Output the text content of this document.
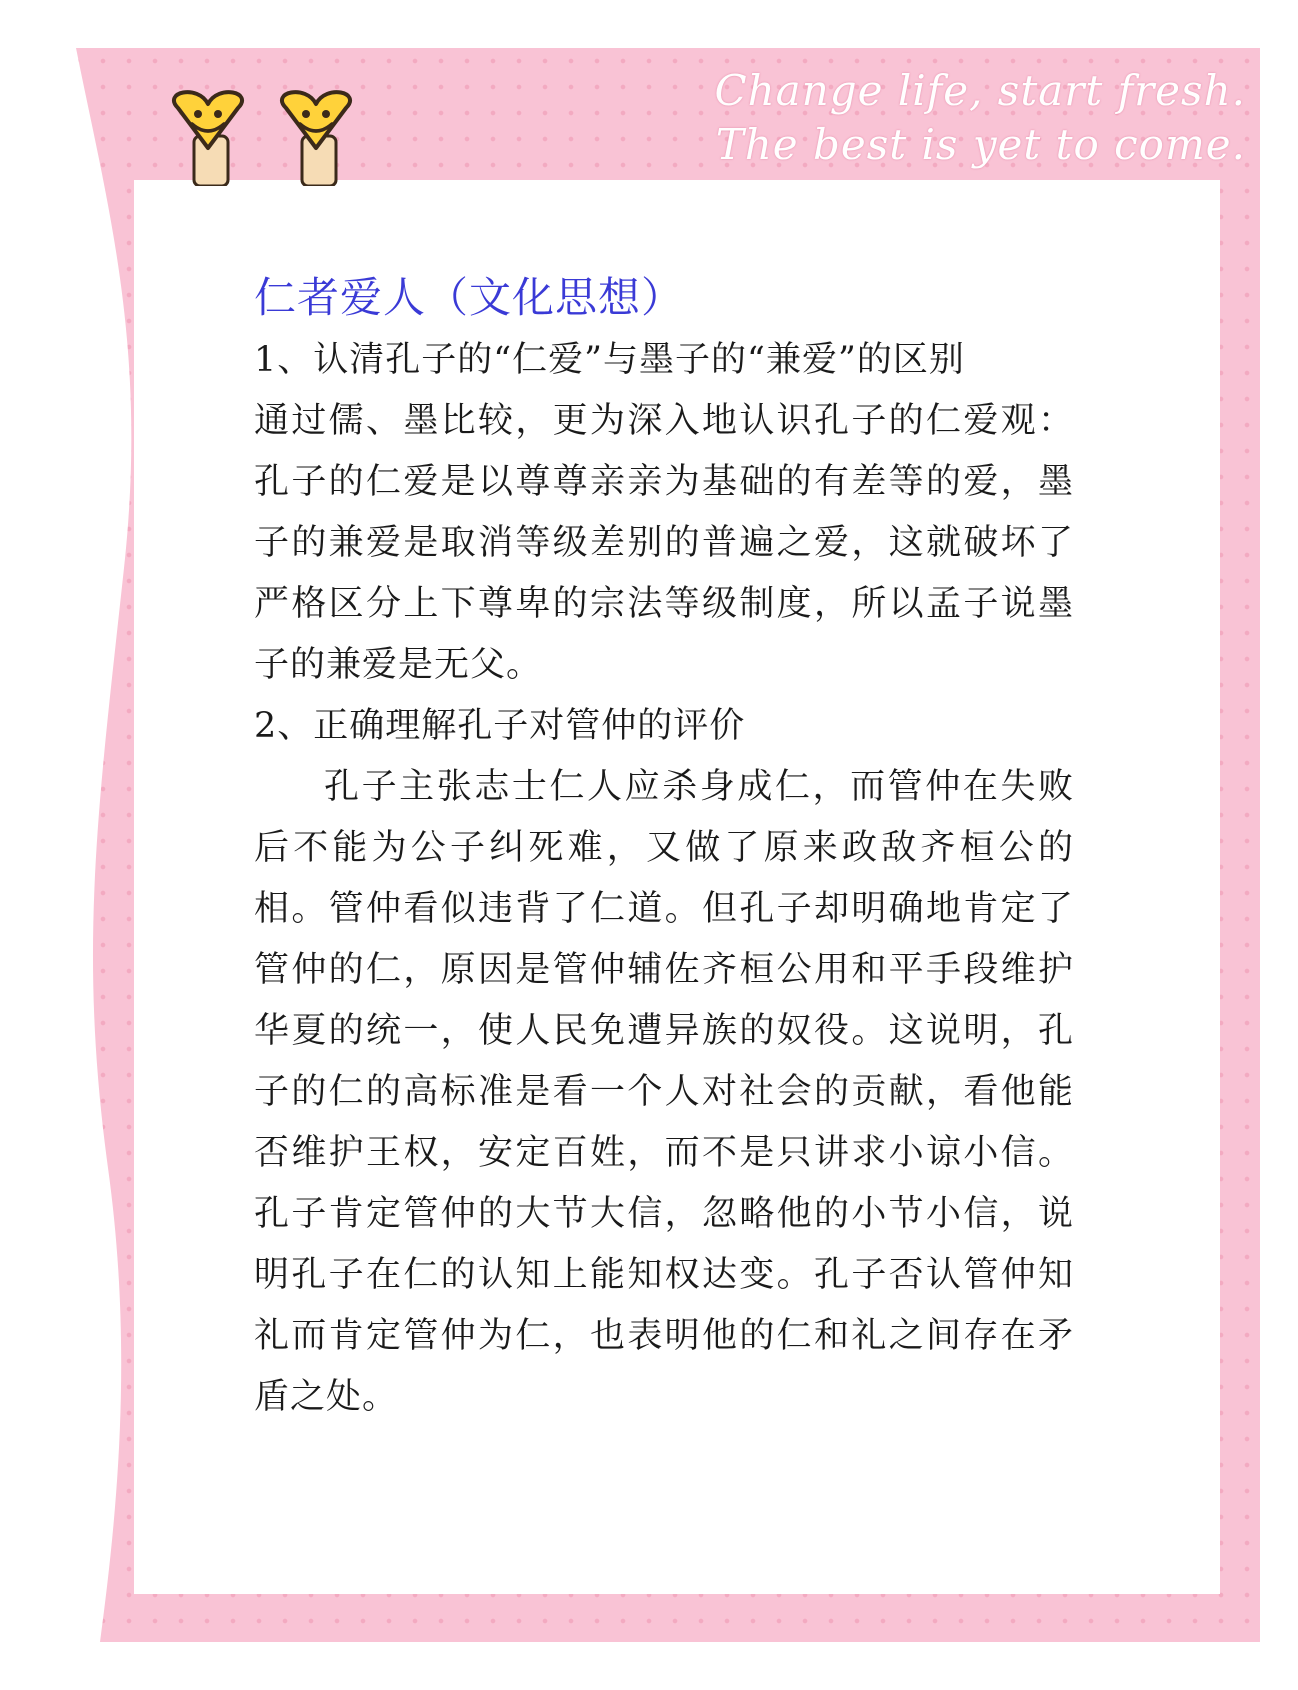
Change life, start fresh.
The best is yet to come.
仁者爱人（文化思想）

1、认清孔子的“仁爱”与墨子的“兼爱”的区别

通过儒、墨比较，更为深入地认识孔子的仁爱观：孔子的仁爱是以尊尊亲亲为基础的有差等的爱，墨子的兼爱是取消等级差别的普遍之爱，这就破坏了严格区分上下尊卑的宗法等级制度，所以孟子说墨子的兼爱是无父。

2、正确理解孔子对管仲的评价

孔子主张志士仁人应杀身成仁，而管仲在失败后不能为公子纠死难，又做了原来政敌齐桓公的相。管仲看似违背了仁道。但孔子却明确地肯定了管仲的仁，原因是管仲辅佐齐桓公用和平手段维护华夏的统一，使人民免遭异族的奴役。这说明，孔子的仁的高标准是看一个人对社会的贡献，看他能否维护王权，安定百姓，而不是只讲求小谅小信。孔子肯定管仲的大节大信，忽略他的小节小信，说明孔子在仁的认知上能知权达变。孔子否认管仲知礼而肯定管仲为仁，也表明他的仁和礼之间存在矛盾之处。
